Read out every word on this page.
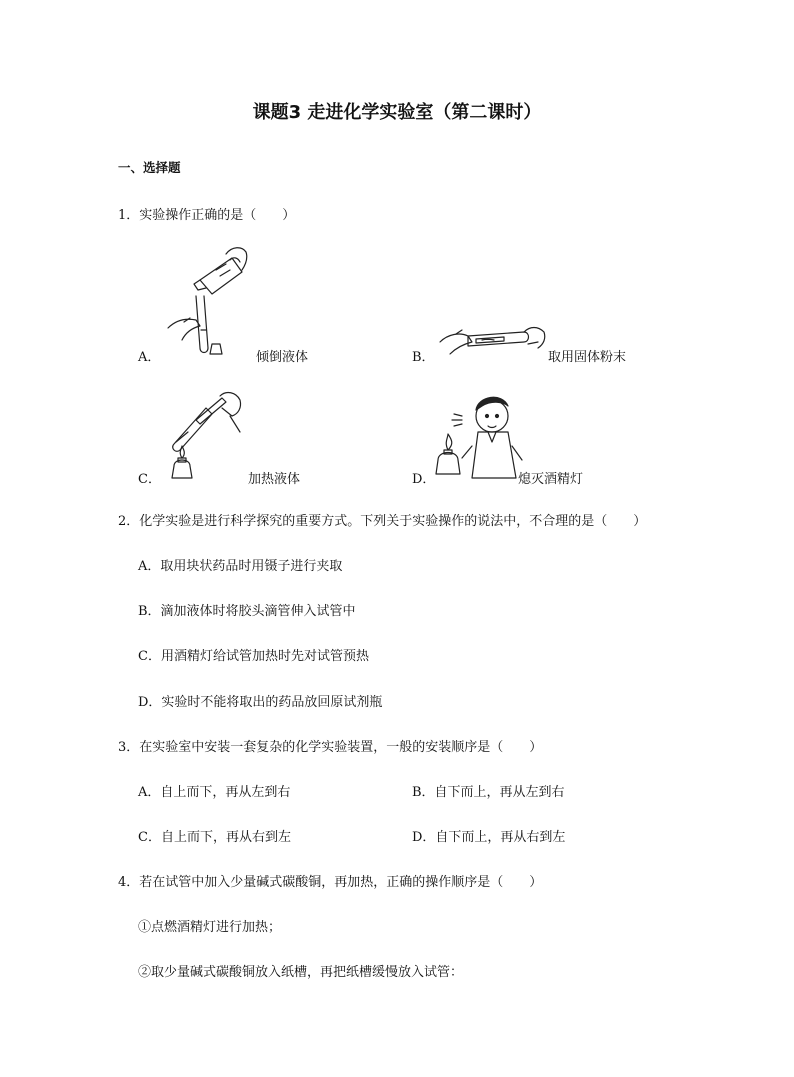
课题3 走进化学实验室（第二课时）
一、选择题
1．实验操作正确的是（　　）
A．	倾倒液体	B．	取用固体粉末
C．	加热液体	D．	熄灭酒精灯
2．化学实验是进行科学探究的重要方式。下列关于实验操作的说法中，不合理的是（　　）
A．取用块状药品时用镊子进行夹取
B．滴加液体时将胶头滴管伸入试管中
C．用酒精灯给试管加热时先对试管预热
D．实验时不能将取出的药品放回原试剂瓶
3．在实验室中安装一套复杂的化学实验装置，一般的安装顺序是（　　）
A．自上而下，再从左到右	B．自下而上，再从左到右
C．自上而下，再从右到左	D．自下而上，再从右到左
4．若在试管中加入少量碱式碳酸铜，再加热，正确的操作顺序是（　　）
①点燃酒精灯进行加热；
②取少量碱式碳酸铜放入纸槽，再把纸槽缓慢放入试管：
